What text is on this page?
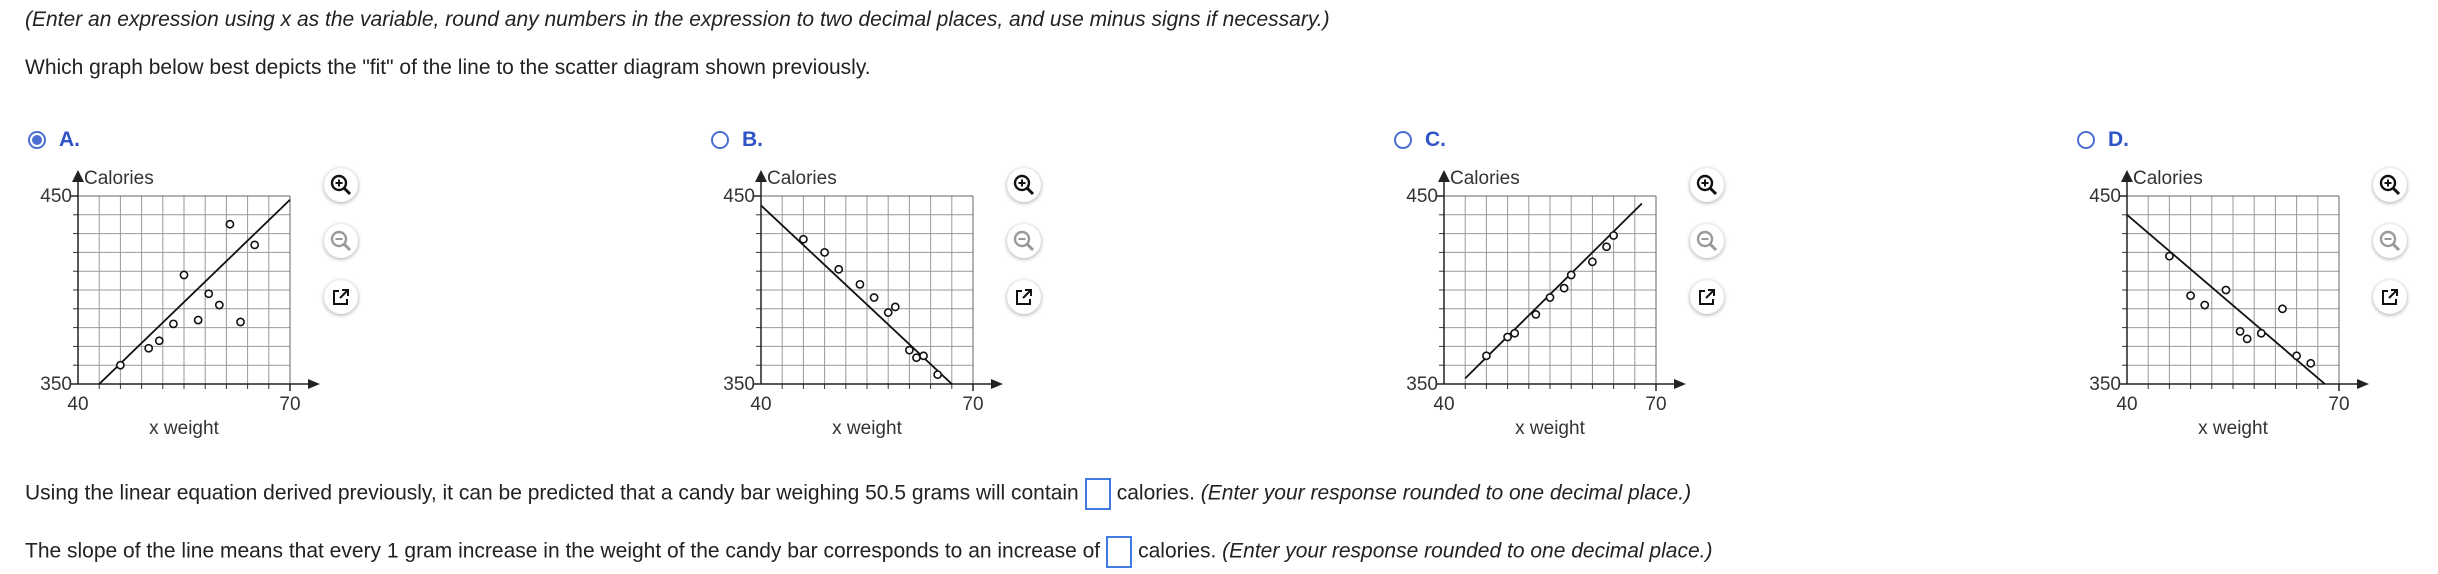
(Enter an expression using x as the variable, round any numbers in the expression to two decimal places, and use minus signs if necessary.)
Which graph below best depicts the "fit" of the line to the scatter diagram shown previously.
A.	B.	C.	D.
Calories
450
350
40	70
x weight
Calories
450
350
40	70
x weight
Calories
450
350
40	70
x weight
Calories
450
350
40	70
x weight
Using the linear equation derived previously, it can be predicted that a candy bar weighing 50.5 grams will contain calories. (Enter your response rounded to one decimal place.)
The slope of the line means that every 1 gram increase in the weight of the candy bar corresponds to an increase of calories. (Enter your response rounded to one decimal place.)
